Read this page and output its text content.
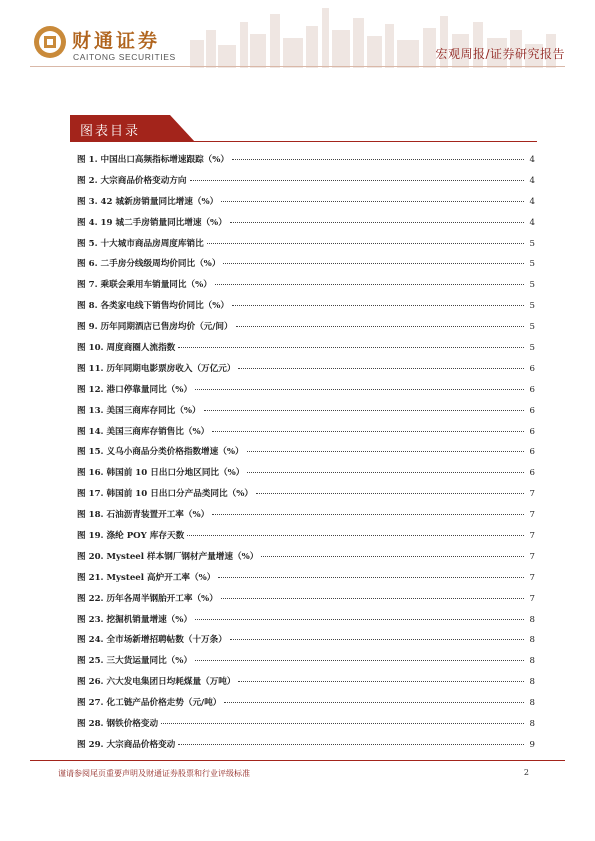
财通证券
CAITONG SECURITIES	宏观周报/证券研究报告
图表目录
图 1. 中国出口高频指标增速跟踪（%）	4
图 2. 大宗商品价格变动方向	4
图 3. 42 城新房销量同比增速（%）	4
图 4. 19 城二手房销量同比增速（%）	4
图 5. 十大城市商品房周度库销比	5
图 6. 二手房分线级周均价同比（%）	5
图 7. 乘联会乘用车销量同比（%）	5
图 8. 各类家电线下销售均价同比（%）	5
图 9. 历年同期酒店已售房均价（元/间）	5
图 10. 周度商圈人流指数	5
图 11. 历年同期电影票房收入（万亿元）	6
图 12. 港口停靠量同比（%）	6
图 13. 美国三商库存同比（%）	6
图 14. 美国三商库存销售比（%）	6
图 15. 义乌小商品分类价格指数增速（%）	6
图 16. 韩国前 10 日出口分地区同比（%）	6
图 17. 韩国前 10 日出口分产品类同比（%）	7
图 18. 石油沥青装置开工率（%）	7
图 19. 涤纶 POY 库存天数	7
图 20. Mysteel 样本钢厂钢材产量增速（%）	7
图 21. Mysteel 高炉开工率（%）	7
图 22. 历年各周半钢胎开工率（%）	7
图 23. 挖掘机销量增速（%）	8
图 24. 全市场新增招聘帖数（十万条）	8
图 25. 三大货运量同比（%）	8
图 26. 六大发电集团日均耗煤量（万吨）	8
图 27. 化工链产品价格走势（元/吨）	8
图 28. 钢铁价格变动	8
图 29. 大宗商品价格变动	9
谨请参阅尾页重要声明及财通证券股票和行业评级标准	2
